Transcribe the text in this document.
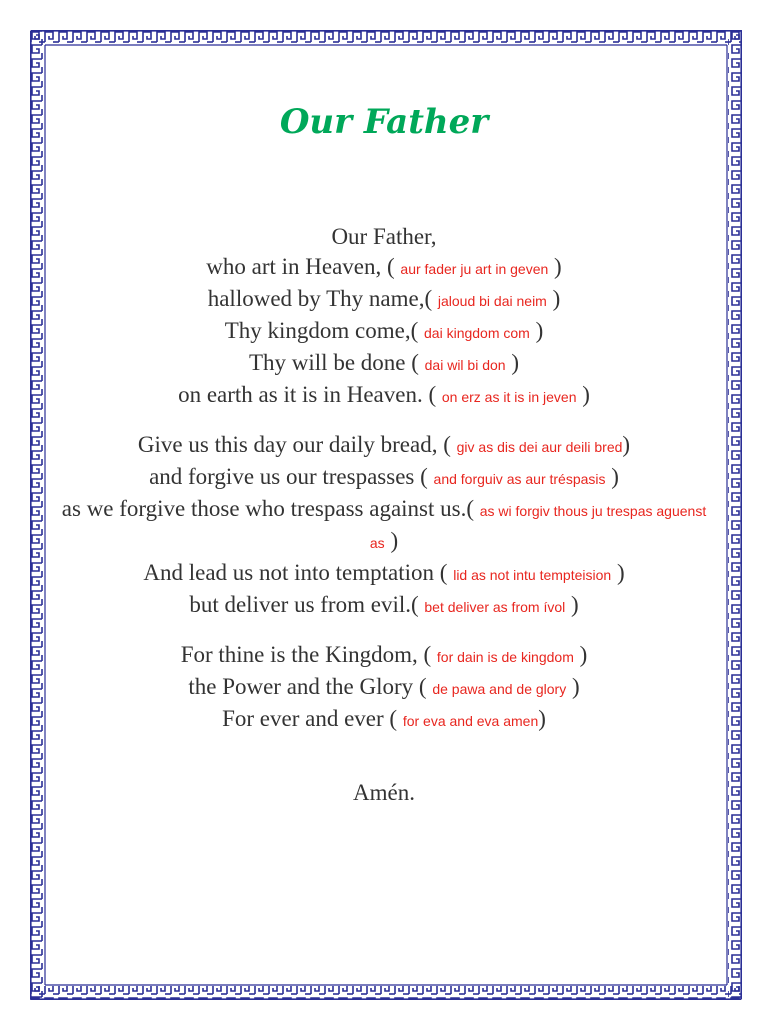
Our Father
Our Father,
who art in Heaven, ( aur fader ju art in geven )
hallowed by Thy name,( jaloud bi dai neim )
Thy kingdom come,( dai kingdom com )
Thy will be done ( dai wil bi don )
on earth as it is in Heaven. ( on erz as it is in jeven )
Give us this day our daily bread, ( giv as dis dei aur deili bred)
and forgive us our trespasses ( and forguiv as aur tréspasis )
as we forgive those who trespass against us.( as wi forgiv thous ju trespas aguenst as )
And lead us not into temptation ( lid as not intu tempteision )
but deliver us from evil.( bet deliver as from ívol )
For thine is the Kingdom, ( for dain is de kingdom )
the Power and the Glory ( de pawa and de glory )
For ever and ever ( for eva and eva amen)
Amén.
